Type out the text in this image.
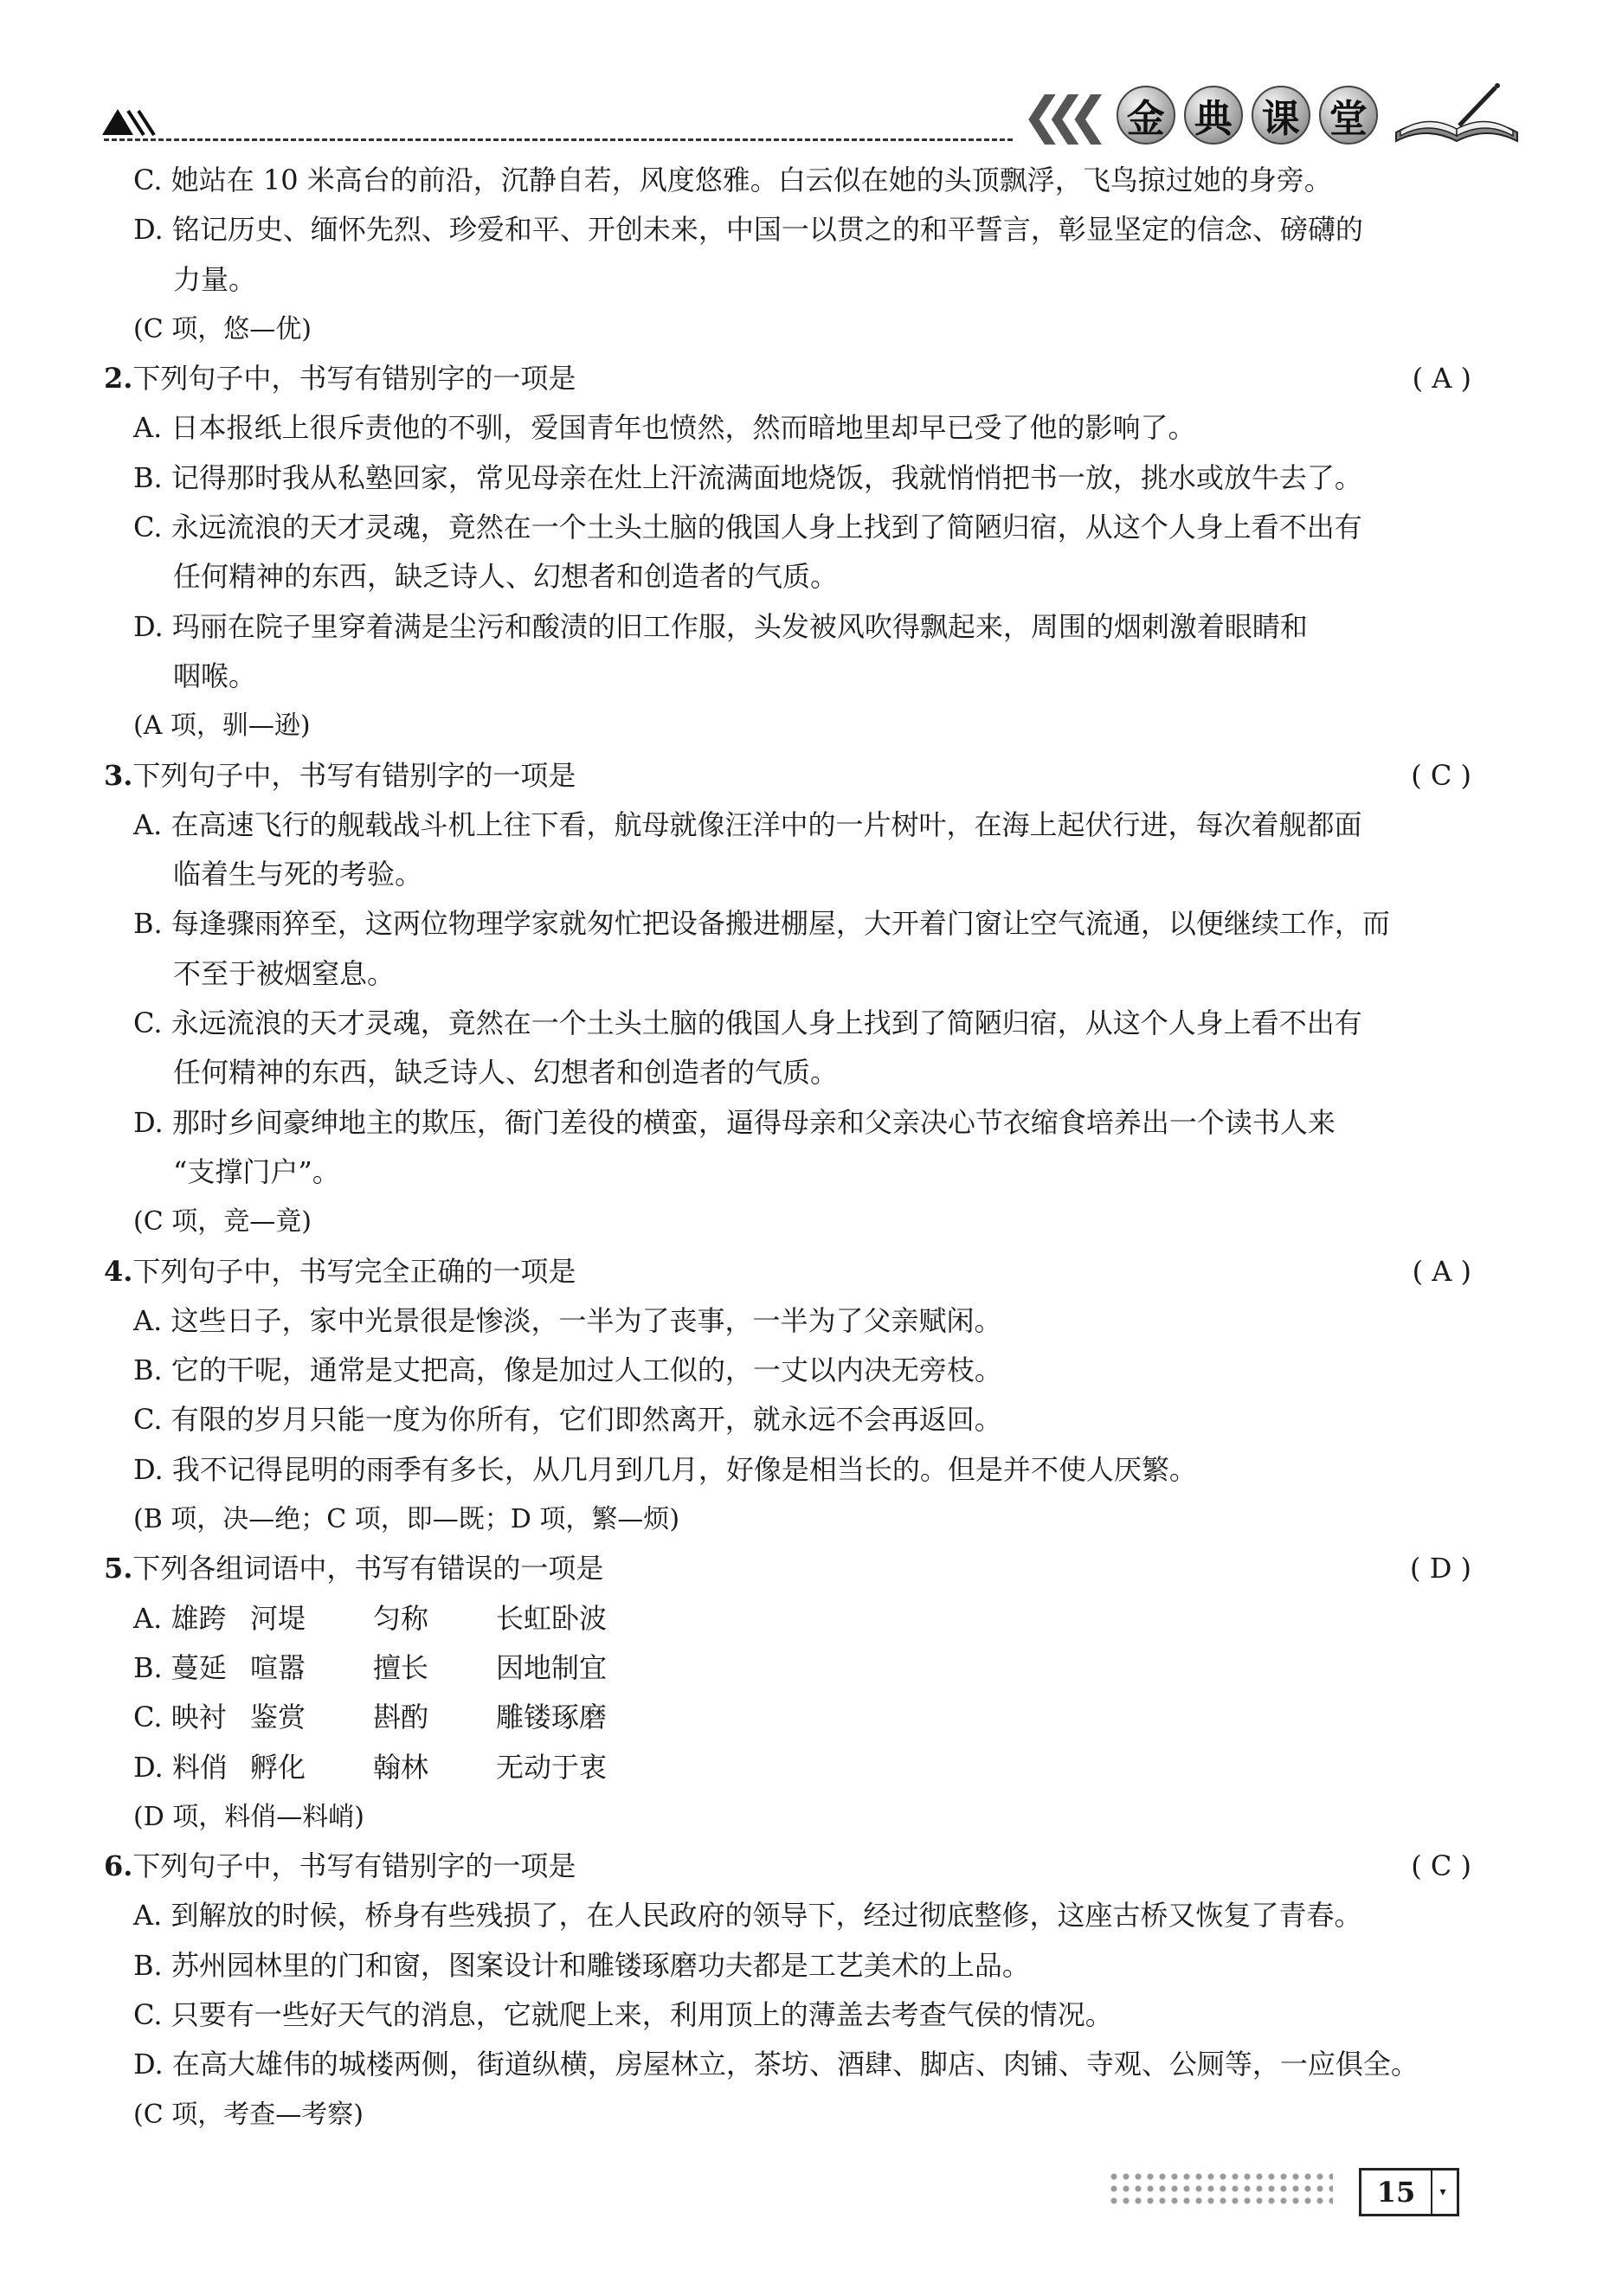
❮❮❮ 金 典 课 堂
C. 她站在 10 米高台的前沿，沉静自若，风度悠雅。白云似在她的头顶飘浮，飞鸟掠过她的身旁。
D. 铭记历史、缅怀先烈、珍爱和平、开创未来，中国一以贯之的和平誓言，彰显坚定的信念、磅礴的
力量。
(C 项，悠—优)
2.下列句子中，书写有错别字的一项是	( A )
A. 日本报纸上很斥责他的不驯，爱国青年也愤然，然而暗地里却早已受了他的影响了。
B. 记得那时我从私塾回家，常见母亲在灶上汗流满面地烧饭，我就悄悄把书一放，挑水或放牛去了。
C. 永远流浪的天才灵魂，竟然在一个土头土脑的俄国人身上找到了简陋归宿，从这个人身上看不出有
任何精神的东西，缺乏诗人、幻想者和创造者的气质。
D. 玛丽在院子里穿着满是尘污和酸渍的旧工作服，头发被风吹得飘起来，周围的烟刺激着眼睛和
咽喉。
(A 项，驯—逊)
3.下列句子中，书写有错别字的一项是	( C )
A. 在高速飞行的舰载战斗机上往下看，航母就像汪洋中的一片树叶，在海上起伏行进，每次着舰都面
临着生与死的考验。
B. 每逢骤雨猝至，这两位物理学家就匆忙把设备搬进棚屋，大开着门窗让空气流通，以便继续工作，而
不至于被烟窒息。
C. 永远流浪的天才灵魂，竟然在一个土头土脑的俄国人身上找到了简陋归宿，从这个人身上看不出有
任何精神的东西，缺乏诗人、幻想者和创造者的气质。
D. 那时乡间豪绅地主的欺压，衙门差役的横蛮，逼得母亲和父亲决心节衣缩食培养出一个读书人来
“支撑门户”。
(C 项，竞—竟)
4.下列句子中，书写完全正确的一项是	( A )
A. 这些日子，家中光景很是惨淡，一半为了丧事，一半为了父亲赋闲。
B. 它的干呢，通常是丈把高，像是加过人工似的，一丈以内决无旁枝。
C. 有限的岁月只能一度为你所有，它们即然离开，就永远不会再返回。
D. 我不记得昆明的雨季有多长，从几月到几月，好像是相当长的。但是并不使人厌繁。
(B 项，决—绝；C 项，即—既；D 项，繁—烦)
5.下列各组词语中，书写有错误的一项是	( D )
A. 雄跨 河堤	匀称	长虹卧波
B. 蔓延 喧嚣	擅长	因地制宜
C. 映衬 鉴赏	斟酌	雕镂琢磨
D. 料俏 孵化	翰林	无动于衷
(D 项，料俏—料峭)
6.下列句子中，书写有错别字的一项是	( C )
A. 到解放的时候，桥身有些残损了，在人民政府的领导下，经过彻底整修，这座古桥又恢复了青春。
B. 苏州园林里的门和窗，图案设计和雕镂琢磨功夫都是工艺美术的上品。
C. 只要有一些好天气的消息，它就爬上来，利用顶上的薄盖去考查气侯的情况。
D. 在高大雄伟的城楼两侧，街道纵横，房屋林立，茶坊、酒肆、脚店、肉铺、寺观、公厕等，一应俱全。
(C 项，考查—考察)
15	▾
